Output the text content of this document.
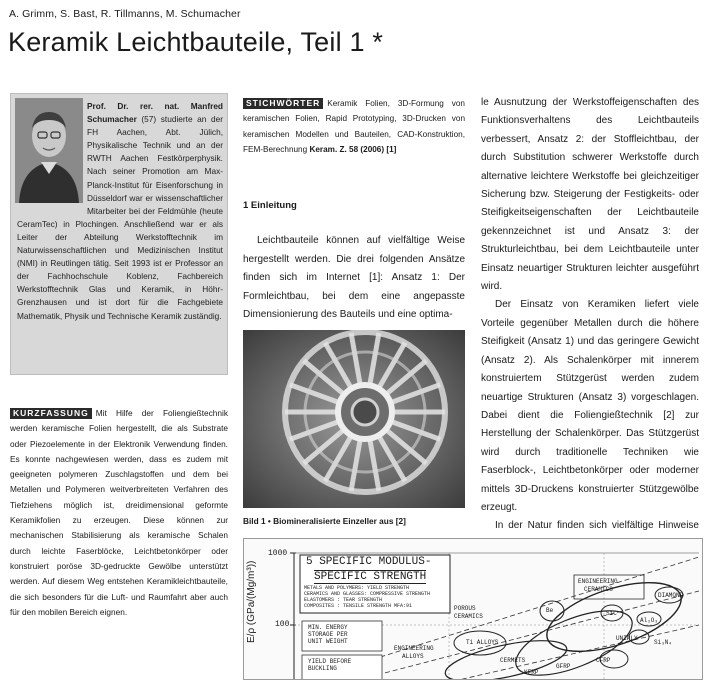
A. Grimm, S. Bast, R. Tillmanns, M. Schumacher
Keramik Leichtbauteile, Teil 1 *
Prof. Dr. rer. nat. Manfred Schumacher (57) studierte an der FH Aachen, Abt. Jülich, Physikalische Technik und an der RWTH Aachen Festkörperphysik. Nach seiner Promotion am Max-Planck-Institut für Eisenforschung in Düsseldorf war er wissenschaftlicher Mitarbeiter bei der Feldmühle (heute CeramTec) in Plochingen. Anschließend war er als Leiter der Abteilung Werkstofftechnik im Naturwissenschaftlichen und Medizinischen Institut (NMI) in Reutlingen tätig. Seit 1993 ist er Professor an der Fachhochschule Koblenz, Fachbereich Werkstofftechnik Glas und Keramik, in Höhr-Grenzhausen und ist dort für die Fachgebiete Mathematik, Physik und Technische Keramik zuständig.
KURZFASSUNG Mit Hilfe der Foliengießtechnik werden keramische Folien hergestellt, die als Substrate oder Piezoelemente in der Elektronik Verwendung finden. Es konnte nachgewiesen werden, dass es zudem mit geeigneten polymeren Zuschlagstoffen und dem bei Metallen und Polymeren weitverbreiteten Verfahren des Tiefziehens möglich ist, dreidimensional geformte Keramikfolien zu erzeugen. Diese können zur mechanischen Stabilisierung als keramische Schalen durch leichte Faserblöcke, Leichtbetonkörper oder konstruiert poröse 3D-gedruckte Gewölbe unterstützt werden. Auf diesem Weg entstehen Keramikleichtbauteile, die sich besonders für die Luft- und Raumfahrt aber auch für den mobilen Bereich eignen.
STICHWÖRTER Keramik Folien, 3D-Formung von keramischen Folien, Rapid Prototyping, 3D-Drucken von keramischen Modellen und Bauteilen, CAD-Konstruktion, FEM-Berechnung Keram. Z. 58 (2006) [1]
1 Einleitung

Leichtbauteile können auf vielfältige Weise hergestellt werden. Die drei folgenden Ansätze finden sich im Internet [1]: Ansatz 1: Der Formleichtbau, bei dem eine angepasste Dimensionierung des Bauteils und eine optima-

Bild 1 • Biomineralisierte Einzeller aus [2]

le Ausnutzung der Werkstoffeigenschaften des Funktionsverhaltens des Leichtbauteils verbessert, Ansatz 2: der Stoffleichtbau, der durch Substitution schwerer Werkstoffe durch alternative leichtere Werkstoffe bei gleichzeitiger Sicherung bzw. Steigerung der Festigkeits- oder Steifigkeitseigenschaften der Leichtbauteile gekennzeichnet ist und Ansatz 3: der Strukturleichtbau, bei dem Leichtbauteile unter Einsatz neuartiger Strukturen leichter ausgeführt wird.

Der Einsatz von Keramiken liefert viele Vorteile gegenüber Metallen durch die höhere Steifigkeit (Ansatz 1) und das geringere Gewicht (Ansatz 2). Als Schalenkörper mit innerem konstruiertem Stützgerüst werden zudem neuartige Strukturen (Ansatz 3) vorgeschlagen. Dabei dient die Foliengießtechnik [2] zur Herstellung der Schalenkörper. Das Stützgerüst wird durch traditionelle Techniken wie Faserblock-, Leichtbetonkörper oder moderner mittels 3D-Druckens konstruierter Stützgewölbe erzeugt.

In der Natur finden sich vielfältige Hinweise

E/ρ (GPa/(Mg/m³))
1000
100
5 SPECIFIC MODULUS-
SPECIFIC STRENGTH
METALS AND POLYMERS: YIELD STRENGTH
CERAMICS AND GLASSES: COMPRESSIVE STRENGTH
ELASTOMERS : TEAR STRENGTH
COMPOSITES : TENSILE STRENGTH MFA:91
MIN. ENERGY
STORAGE PER
UNIT WEIGHT
YIELD BEFORE
BUCKLING
ENGINEERING
CERAMICS
POROUS
CERAMICS
ENGINEERING
ALLOYS
Ti ALLOYS
CFRP
UNIPLY
GFRP
Be	SiC
DIAMOND
Al₂O₃
Si₃N₄
KFRP
CERMETS
